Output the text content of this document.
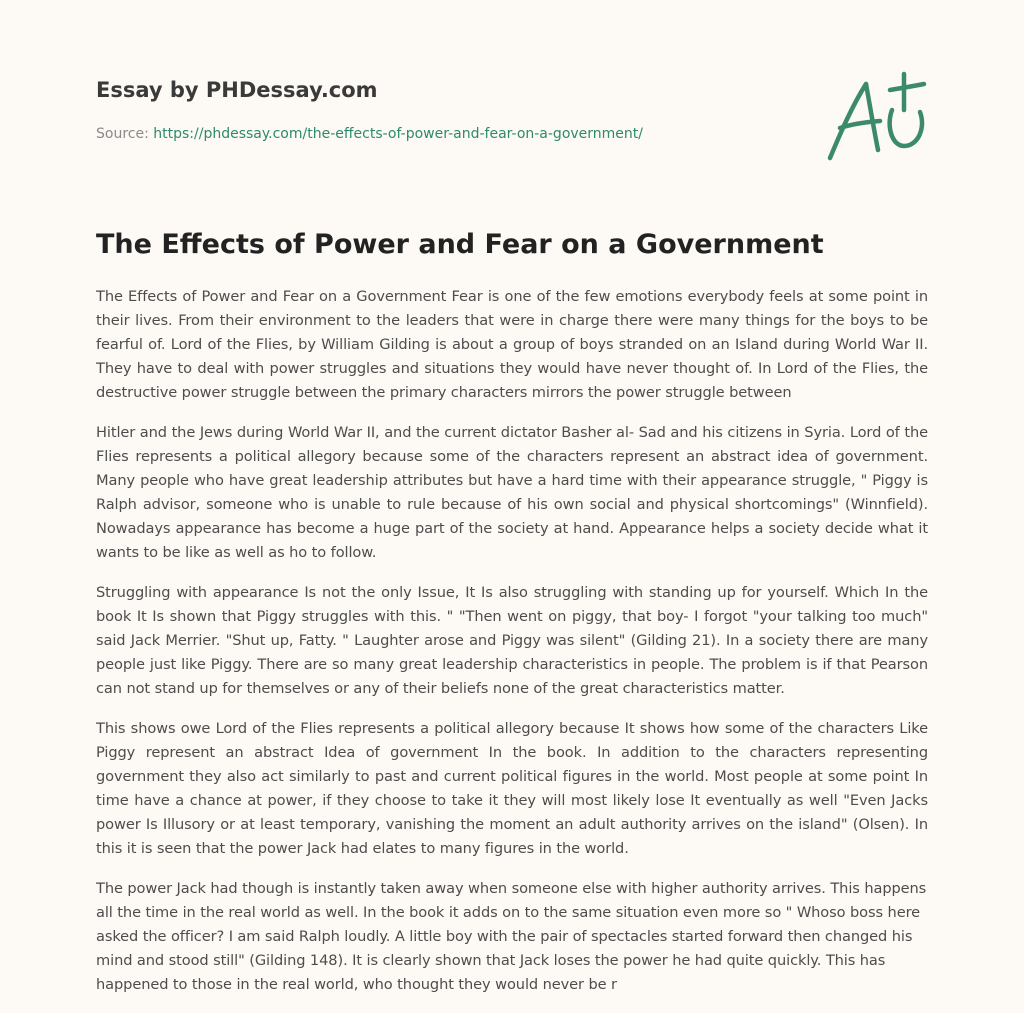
Essay by PHDessay.com
Source: https://phdessay.com/the-effects-of-power-and-fear-on-a-government/
The Effects of Power and Fear on a Government

The Effects of Power and Fear on a Government Fear is one of the few emotions everybody feels at some point in their lives. From their environment to the leaders that were in charge there were many things for the boys to be fearful of. Lord of the Flies, by William Gilding is about a group of boys stranded on an Island during World War II. They have to deal with power struggles and situations they would have never thought of. In Lord of the Flies, the destructive power struggle between the primary characters mirrors the power struggle between

Hitler and the Jews during World War II, and the current dictator Basher al- Sad and his citizens in Syria. Lord of the Flies represents a political allegory because some of the characters represent an abstract idea of government. Many people who have great leadership attributes but have a hard time with their appearance struggle, " Piggy is Ralph advisor, someone who is unable to rule because of his own social and physical shortcomings" (Winnfield). Nowadays appearance has become a huge part of the society at hand. Appearance helps a society decide what it wants to be like as well as ho to follow.

Struggling with appearance Is not the only Issue, It Is also struggling with standing up for yourself. Which In the book It Is shown that Piggy struggles with this. " "Then went on piggy, that boy- I forgot "your talking too much" said Jack Merrier. "Shut up, Fatty. " Laughter arose and Piggy was silent" (Gilding 21). In a society there are many people just like Piggy. There are so many great leadership characteristics in people. The problem is if that Pearson can not stand up for themselves or any of their beliefs none of the great characteristics matter.

This shows owe Lord of the Flies represents a political allegory because It shows how some of the characters Like Piggy represent an abstract Idea of government In the book. In addition to the characters representing government they also act similarly to past and current political figures in the world. Most people at some point In time have a chance at power, if they choose to take it they will most likely lose It eventually as well "Even Jacks power Is Illusory or at least temporary, vanishing the moment an adult authority arrives on the island" (Olsen). In this it is seen that the power Jack had elates to many figures in the world.

The power Jack had though is instantly taken away when someone else with higher authority arrives. This happens all the time in the real world as well. In the book it adds on to the same situation even more so " Whoso boss here asked the officer? I am said Ralph loudly. A little boy with the pair of spectacles started forward then changed his mind and stood still" (Gilding 148). It is clearly shown that Jack loses the power he had quite quickly. This has happened to those in the real world, who thought they would never be r
